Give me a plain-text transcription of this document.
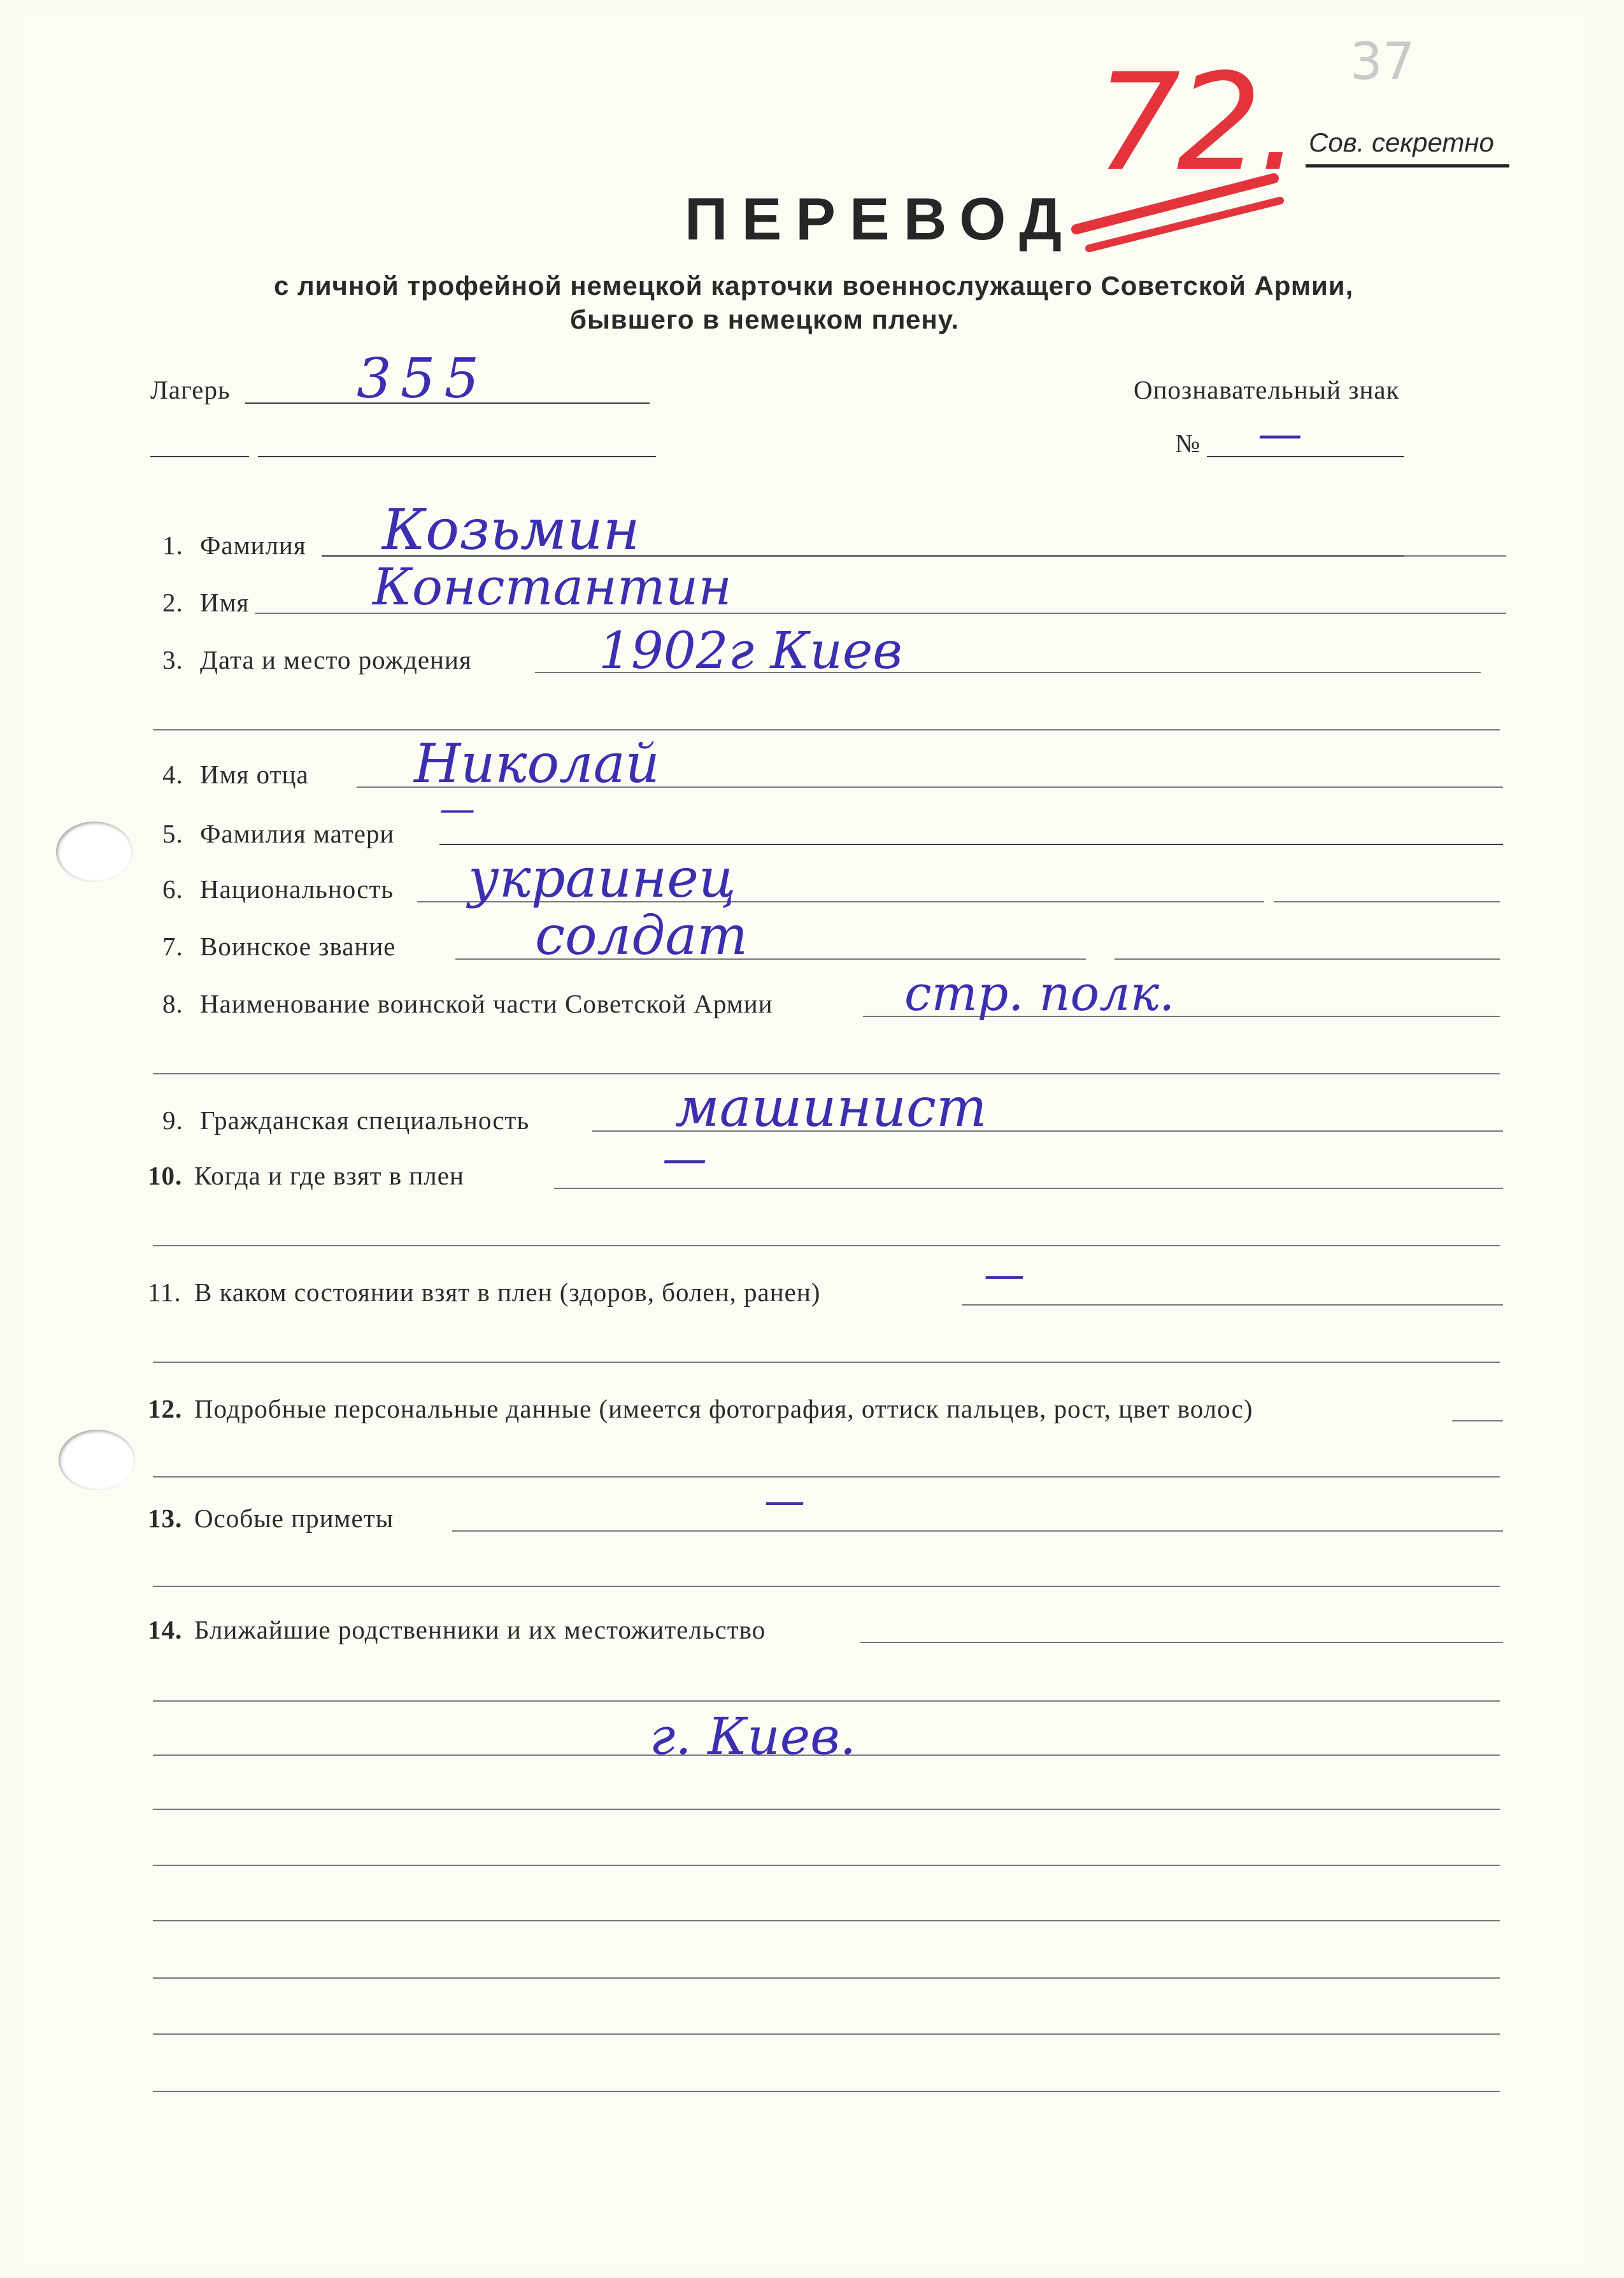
37
72. Сов. секретно
ПЕРЕВОД
с личной трофейной немецкой карточки военнослужащего Советской Армии,
бывшего в немецком плену.
Лагерь 355	Опознавательный знак
№ —
1. Фамилия Козьмин
2. Имя Константин
3. Дата и место рождения 1902г Киев
4. Имя отца Николай
5. Фамилия матери
—
6. Национальность украинец
7. Воинское звание	солдат
8. Наименование воинской части Советской Армии	стр. полк.
9. Гражданская специальность	машинист
10. Когда и где взят в плен	—
11. В каком состоянии взят в плен (здоров, болен, ранен)	—
12. Подробные персональные данные (имеется фотография, оттиск пальцев, рост, цвет волос)
13. Особые приметы	—
14. Ближайшие родственники и их местожительство
г. Киев.
